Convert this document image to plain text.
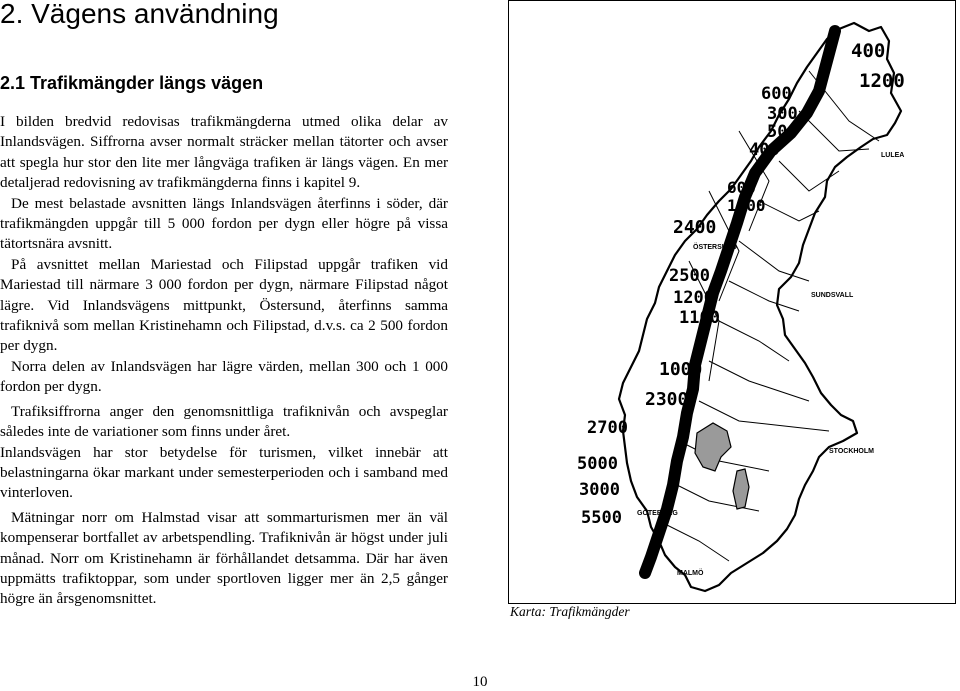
2. Vägens användning
2.1 Trafikmängder längs vägen

I bilden bredvid redovisas trafikmängderna utmed olika delar av Inlandsvägen. Siffrorna avser normalt sträcker mellan tätorter och avser att spegla hur stor den lite mer långväga trafiken är längs vägen. En mer detaljerad redovisning av trafikmängderna finns i kapitel 9.

De mest belastade avsnitten längs Inlandsvägen återfinns i söder, där trafikmängden uppgår till 5 000 fordon per dygn eller högre på vissa tätortsnära avsnitt.

På avsnittet mellan Mariestad och Filipstad uppgår trafiken vid Mariestad till närmare 3 000 fordon per dygn, närmare Filipstad något lägre. Vid Inlandsvägens mittpunkt, Östersund, återfinns samma trafiknivå som mellan Kristinehamn och Filipstad, d.v.s. ca 2 500 fordon per dygn.

Norra delen av Inlandsvägen har lägre värden, mellan 300 och 1 000 fordon per dygn.

Trafiksiffrorna anger den genomsnittliga trafiknivån och avspeglar således inte de variationer som finns under året.

Inlandsvägen har stor betydelse för turismen, vilket innebär att belastningarna ökar markant under semesterperioden och i samband med vinterloven.

Mätningar norr om Halmstad visar att sommarturismen mer än väl kompenserar bortfallet av arbetspendling. Trafiknivån är högst under juli månad. Norr om Kristinehamn är förhållandet detsamma. Där har även uppmätts trafiktoppar, som under sportloven ligger mer än 2,5 gånger högre än årsgenomsnittet.

400
1200
600
300
500
400
600
1000
2400
2500
1200
1100
1000
2300
2700
5000
3000
5500
LULEA
ÖSTERSUND
SUNDSVALL
STOCKHOLM
GÖTEBORG
MALMÖ
Karta: Trafikmängder
10
